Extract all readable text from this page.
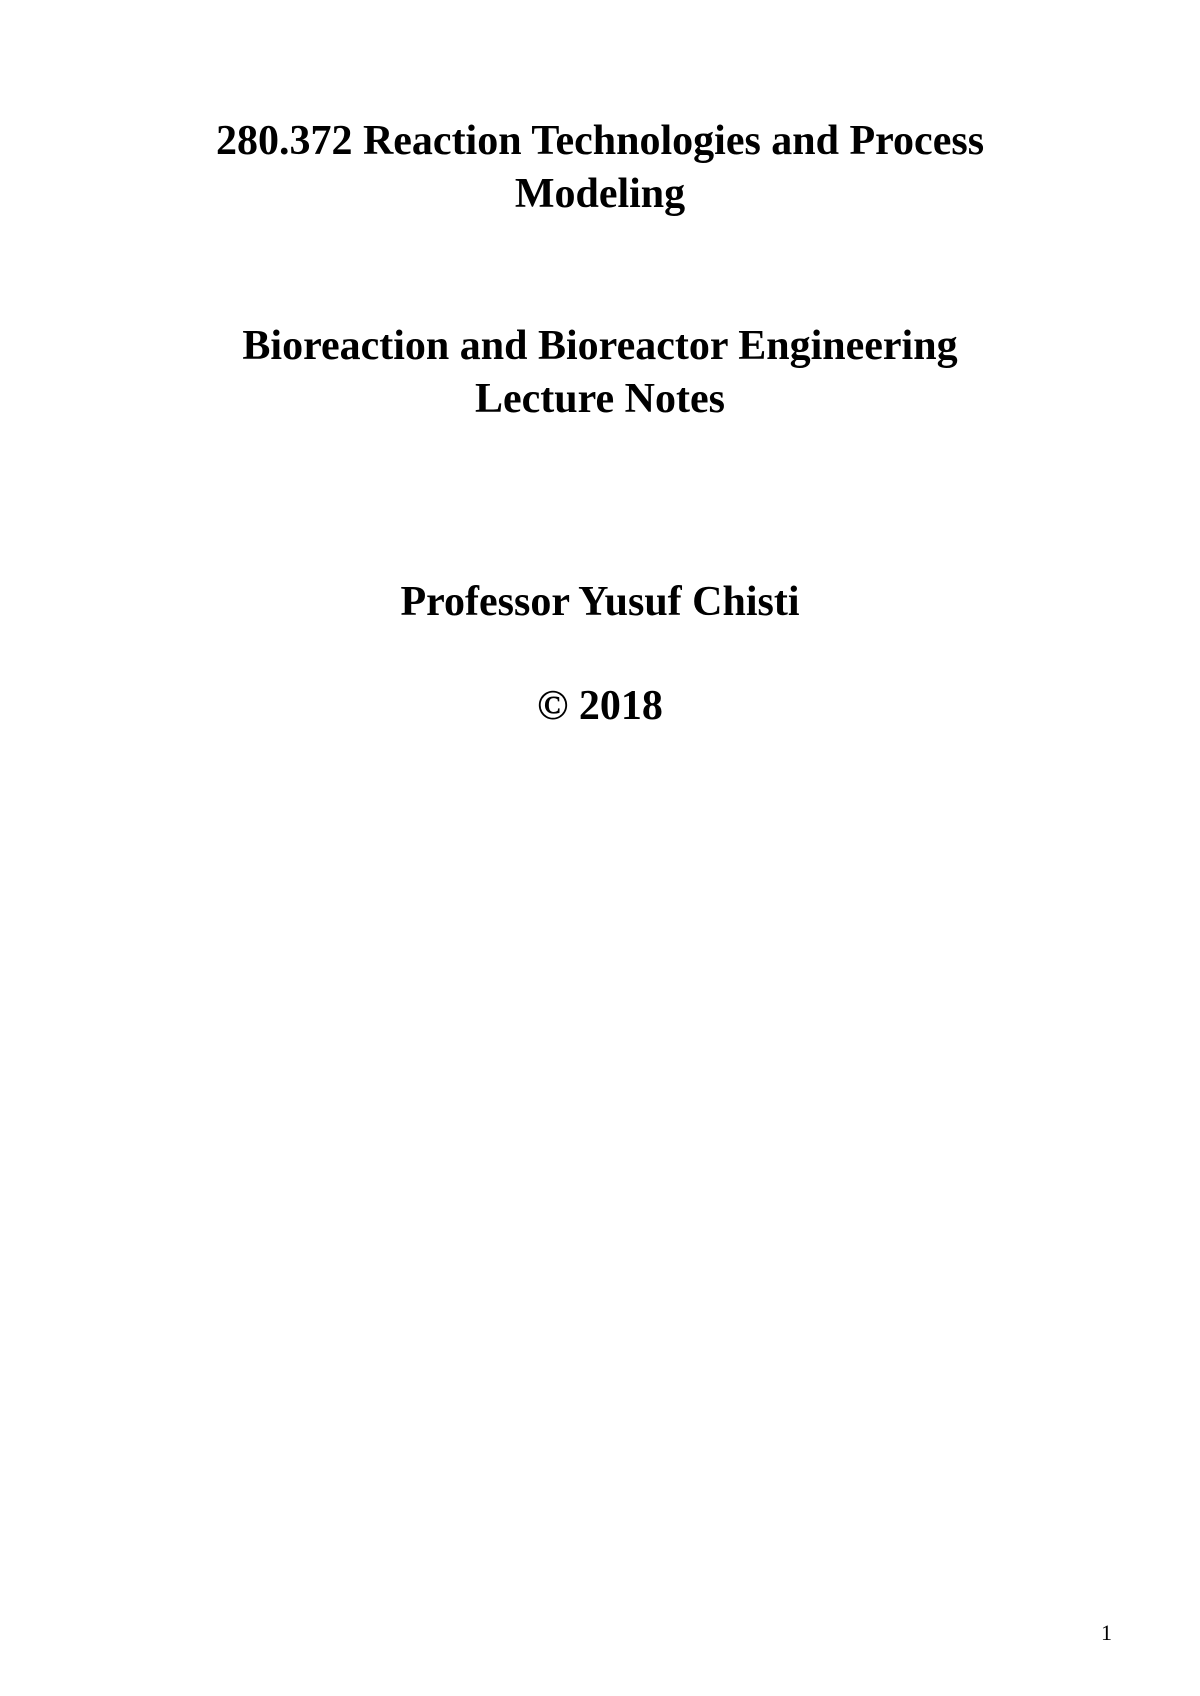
280.372 Reaction Technologies and Process
Modeling
Bioreaction and Bioreactor Engineering
Lecture Notes
Professor Yusuf Chisti
© 2018
1
